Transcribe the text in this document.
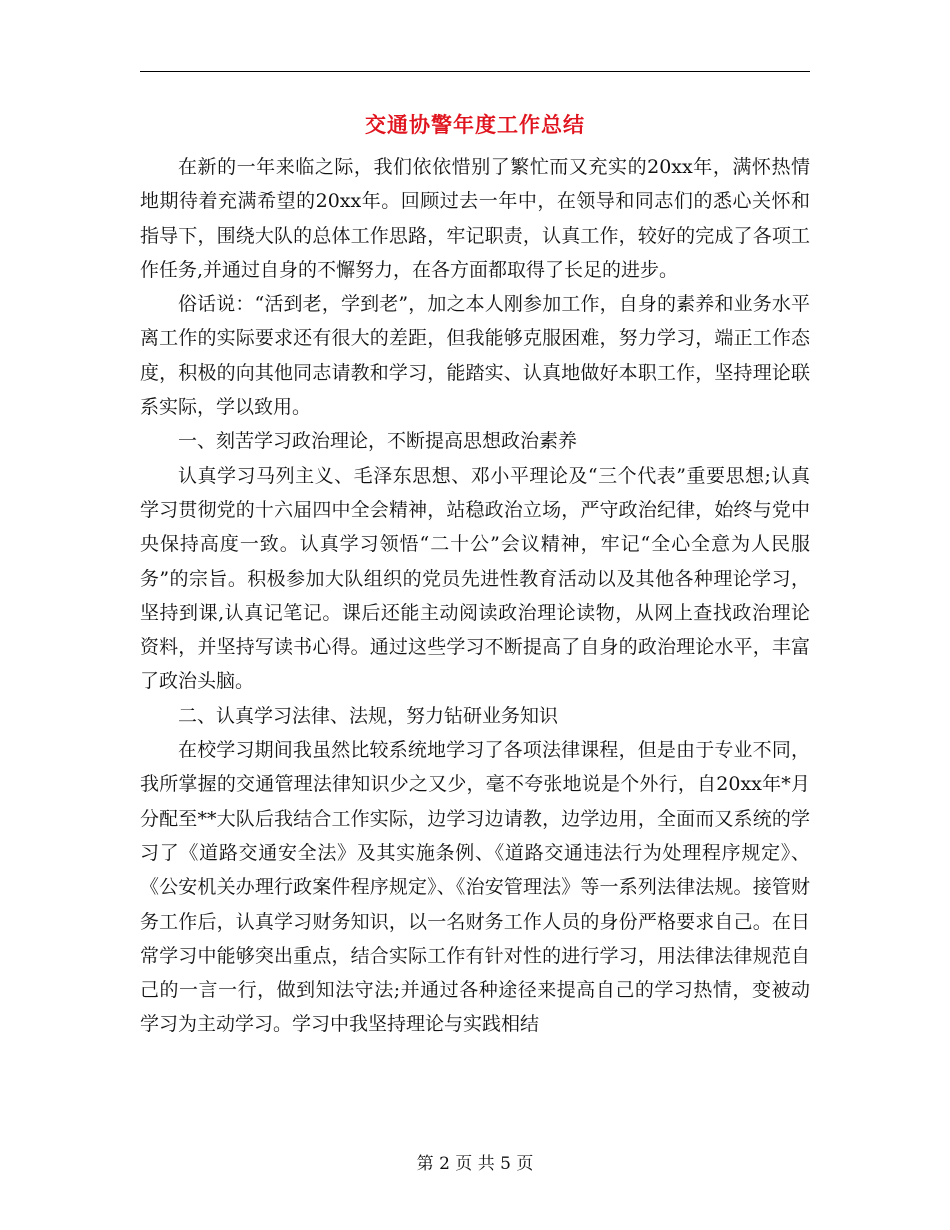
交通协警年度工作总结

在新的一年来临之际，我们依依惜别了繁忙而又充实的20xx年，满怀热情地期待着充满希望的20xx年。回顾过去一年中，在领导和同志们的悉心关怀和指导下，围绕大队的总体工作思路，牢记职责，认真工作，较好的完成了各项工作任务,并通过自身的不懈努力，在各方面都取得了长足的进步。

俗话说：“活到老，学到老”，加之本人刚参加工作，自身的素养和业务水平离工作的实际要求还有很大的差距，但我能够克服困难，努力学习，端正工作态度，积极的向其他同志请教和学习，能踏实、认真地做好本职工作，坚持理论联系实际，学以致用。

一、刻苦学习政治理论，不断提高思想政治素养

认真学习马列主义、毛泽东思想、邓小平理论及“三个代表”重要思想;认真学习贯彻党的十六届四中全会精神，站稳政治立场，严守政治纪律，始终与党中央保持高度一致。认真学习领悟“二十公”会议精神，牢记“全心全意为人民服务”的宗旨。积极参加大队组织的党员先进性教育活动以及其他各种理论学习，坚持到课,认真记笔记。课后还能主动阅读政治理论读物，从网上查找政治理论资料，并坚持写读书心得。通过这些学习不断提高了自身的政治理论水平，丰富了政治头脑。

二、认真学习法律、法规，努力钻研业务知识

在校学习期间我虽然比较系统地学习了各项法律课程，但是由于专业不同，我所掌握的交通管理法律知识少之又少，毫不夸张地说是个外行，自20xx年*月分配至**大队后我结合工作实际，边学习边请教，边学边用，全面而又系统的学习了《道路交通安全法》及其实施条例、《道路交通违法行为处理程序规定》、《公安机关办理行政案件程序规定》、《治安管理法》等一系列法律法规。接管财务工作后，认真学习财务知识，以一名财务工作人员的身份严格要求自己。在日常学习中能够突出重点，结合实际工作有针对性的进行学习，用法律法律规范自己的一言一行，做到知法守法;并通过各种途径来提高自己的学习热情，变被动学习为主动学习。学习中我坚持理论与实践相结

第 2 页 共 5 页
